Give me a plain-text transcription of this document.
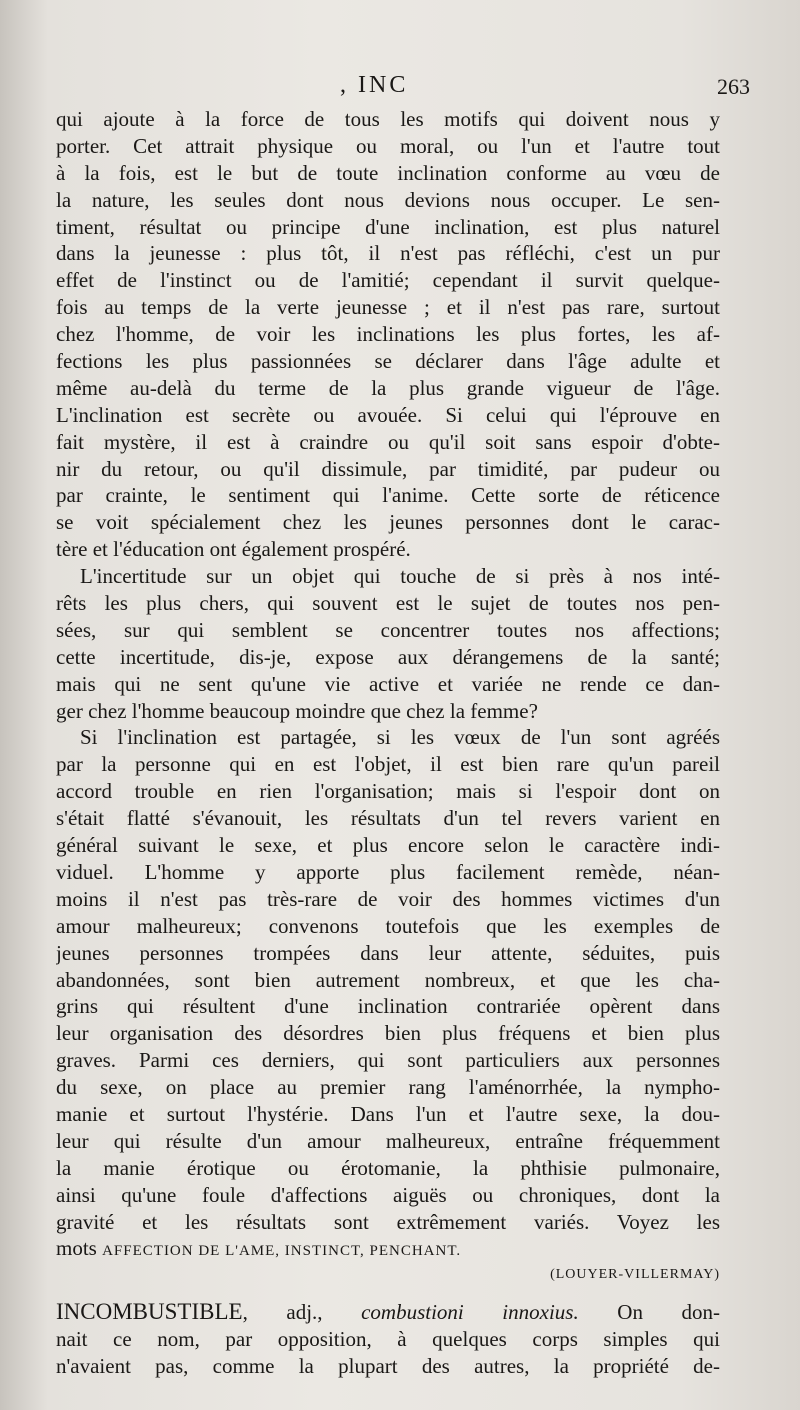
, INC	263
qui ajoute à la force de tous les motifs qui doivent nous y
porter. Cet attrait physique ou moral, ou l'un et l'autre tout
à la fois, est le but de toute inclination conforme au vœu de
la nature, les seules dont nous devions nous occuper. Le sen-
timent, résultat ou principe d'une inclination, est plus naturel
dans la jeunesse : plus tôt, il n'est pas réfléchi, c'est un pur
effet de l'instinct ou de l'amitié; cependant il survit quelque-
fois au temps de la verte jeunesse ; et il n'est pas rare, surtout
chez l'homme, de voir les inclinations les plus fortes, les af-
fections les plus passionnées se déclarer dans l'âge adulte et
même au-delà du terme de la plus grande vigueur de l'âge.
L'inclination est secrète ou avouée. Si celui qui l'éprouve en
fait mystère, il est à craindre ou qu'il soit sans espoir d'obte-
nir du retour, ou qu'il dissimule, par timidité, par pudeur ou
par crainte, le sentiment qui l'anime. Cette sorte de réticence
se voit spécialement chez les jeunes personnes dont le carac-
tère et l'éducation ont également prospéré.
L'incertitude sur un objet qui touche de si près à nos inté-
rêts les plus chers, qui souvent est le sujet de toutes nos pen-
sées, sur qui semblent se concentrer toutes nos affections;
cette incertitude, dis-je, expose aux dérangemens de la santé;
mais qui ne sent qu'une vie active et variée ne rende ce dan-
ger chez l'homme beaucoup moindre que chez la femme?
Si l'inclination est partagée, si les vœux de l'un sont agréés
par la personne qui en est l'objet, il est bien rare qu'un pareil
accord trouble en rien l'organisation; mais si l'espoir dont on
s'était flatté s'évanouit, les résultats d'un tel revers varient en
général suivant le sexe, et plus encore selon le caractère indi-
viduel. L'homme y apporte plus facilement remède, néan-
moins il n'est pas très-rare de voir des hommes victimes d'un
amour malheureux; convenons toutefois que les exemples de
jeunes personnes trompées dans leur attente, séduites, puis
abandonnées, sont bien autrement nombreux, et que les cha-
grins qui résultent d'une inclination contrariée opèrent dans
leur organisation des désordres bien plus fréquens et bien plus
graves. Parmi ces derniers, qui sont particuliers aux personnes
du sexe, on place au premier rang l'aménorrhée, la nympho-
manie et surtout l'hystérie. Dans l'un et l'autre sexe, la dou-
leur qui résulte d'un amour malheureux, entraîne fréquemment
la manie érotique ou érotomanie, la phthisie pulmonaire,
ainsi qu'une foule d'affections aiguës ou chroniques, dont la
gravité et les résultats sont extrêmement variés. Voyez les
mots AFFECTION DE L'AME, INSTINCT, PENCHANT.
(LOUYER-VILLERMAY)
INCOMBUSTIBLE, adj., combustioni innoxius. On don-
nait ce nom, par opposition, à quelques corps simples qui
n'avaient pas, comme la plupart des autres, la propriété de-
